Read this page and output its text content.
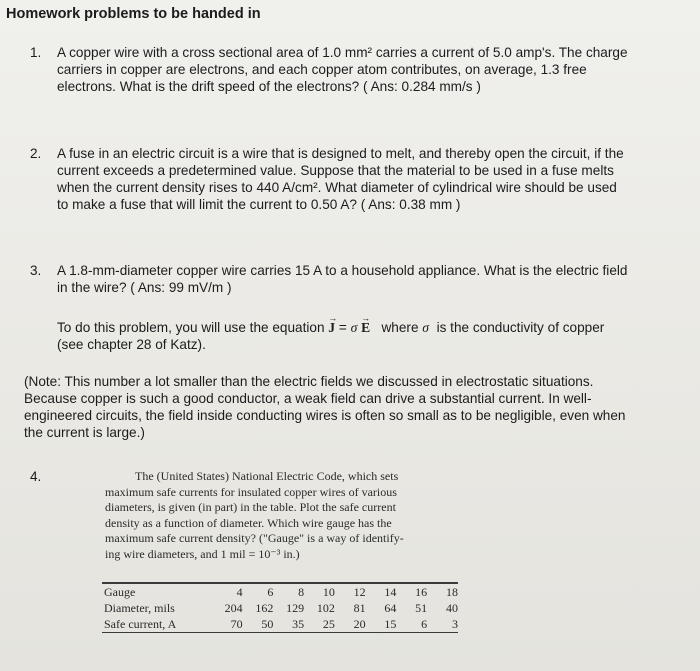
Homework problems to be handed in
1.	A copper wire with a cross sectional area of 1.0 mm² carries a current of 5.0 amp's. The charge
carriers in copper are electrons, and each copper atom contributes, on average, 1.3 free
electrons. What is the drift speed of the electrons? ( Ans: 0.284 mm/s )
2.	A fuse in an electric circuit is a wire that is designed to melt, and thereby open the circuit, if the
current exceeds a predetermined value. Suppose that the material to be used in a fuse melts
when the current density rises to 440 A/cm². What diameter of cylindrical wire should be used
to make a fuse that will limit the current to 0.50 A? ( Ans: 0.38 mm )
3.	A 1.8-mm-diameter copper wire carries 15 A to a household appliance. What is the electric field
in the wire? ( Ans: 99 mV/m )
To do this problem, you will use the equation J → = σ E →   where σ  is the conductivity of copper
(see chapter 28 of Katz).
(Note: This number a lot smaller than the electric fields we discussed in electrostatic situations.
Because copper is such a good conductor, a weak field can drive a substantial current. In well-
engineered circuits, the field inside conducting wires is often so small as to be negligible, even when
the current is large.)
4.	The (United States) National Electric Code, which sets
maximum safe currents for insulated copper wires of various
diameters, is given (in part) in the table. Plot the safe current
density as a function of diameter. Which wire gauge has the
maximum safe current density? ("Gauge" is a way of identify-
ing wire diameters, and 1 mil = 10⁻³ in.)
Gauge	4	6	8	10	12	14	16	18
Diameter, mils	204	162	129	102	81	64	51	40
Safe current, A	70	50	35	25	20	15	6	3
